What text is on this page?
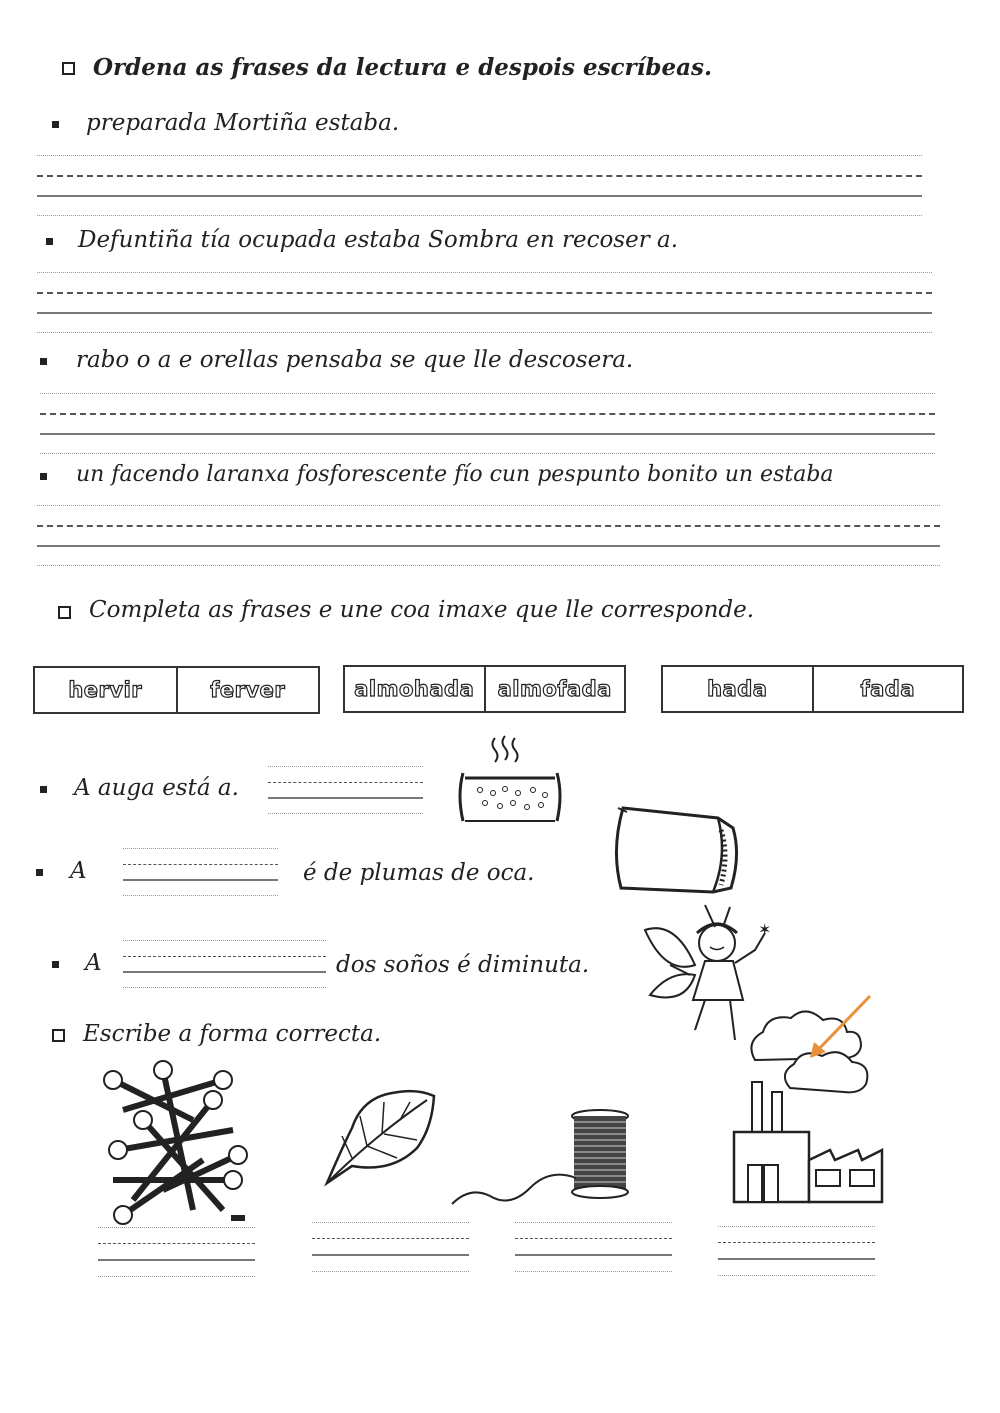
Ordena as frases da lectura e despois escríbeas.
preparada Mortiña estaba.
Defuntiña tía ocupada estaba Sombra en recoser a.
rabo o a e orellas pensaba se que lle descosera.
un facendo laranxa fosforescente fío cun pespunto bonito un estaba
Completa as frases e une coa imaxe que lle corresponde.
hervir	ferver	almohada almofada	hada	fada
A auga está a.
A	é de plumas de oca.
A	dos soños é diminuta.
✶
Escribe a forma correcta.
